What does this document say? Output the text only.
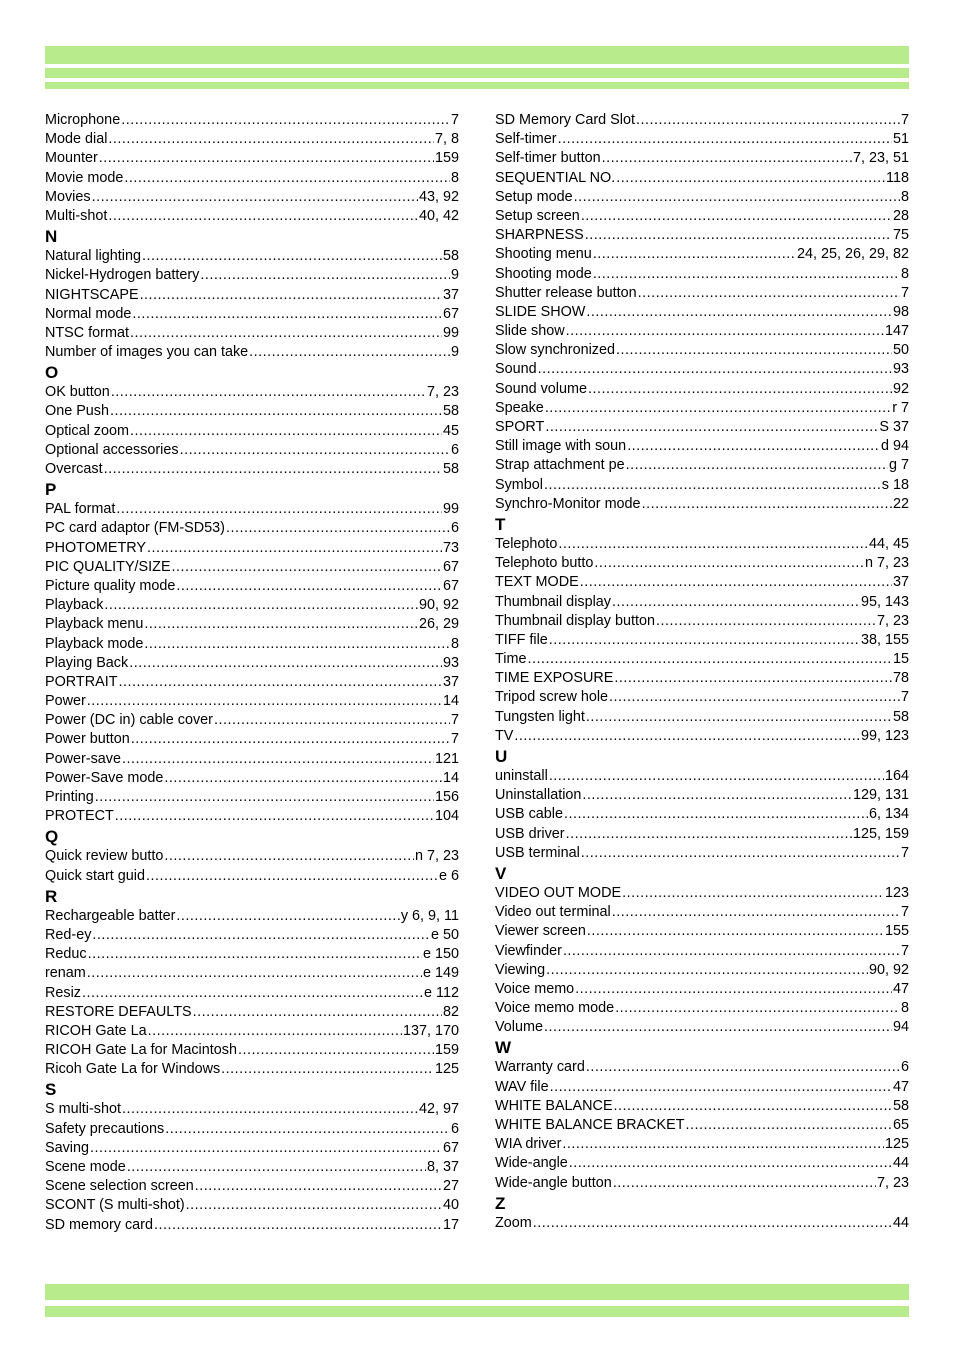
Microphone .....	7
Mode dial .....	7, 8
Mounter .....	159
Movie mode .....	8
Movies .....	43, 92
Multi-shot .....	40, 42
N
Natural lighting .....	58
Nickel-Hydrogen battery .....	9
NIGHTSCAPE .....	37
Normal mode .....	67
NTSC format .....	99
Number of images you can take .....	9
O
OK button .....	7, 23
One Push .....	58
Optical zoom .....	45
Optional accessories .....	6
Overcast .....	58
P
PAL format .....	99
PC card adaptor (FM-SD53) .....	6
PHOTOMETRY .....	73
PIC QUALITY/SIZE .....	67
Picture quality mode .....	67
Playback .....	90, 92
Playback menu .....	26, 29
Playback mode .....	8
Playing Back .....	93
PORTRAIT .....	37
Power .....	14
Power (DC in) cable cover .....	7
Power button .....	7
Power-save .....	121
Power-Save mode .....	14
Printing .....	156
PROTECT .....	104
Q
Quick review butto .....	n 7, 23
Quick start guid .....	e 6
R
Rechargeable batter .....	y 6, 9, 11
Red-ey .....	e 50
Reduc .....	e 150
renam .....	e 149
Resiz .....	e 112
RESTORE DEFAULTS .....	82
RICOH Gate La .....	137, 170
RICOH Gate La for Macintosh .....	159
Ricoh Gate La for Windows .....	125
S
S multi-shot .....	42, 97
Safety precautions .....	6
Saving .....	67
Scene mode .....	8, 37
Scene selection screen .....	27
SCONT (S multi-shot) .....	40
SD memory card .....	17
SD Memory Card Slot .....	7
Self-timer .....	51
Self-timer button .....	7, 23, 51
SEQUENTIAL NO. .....	118
Setup mode .....	8
Setup screen .....	28
SHARPNESS .....	75
Shooting menu .....	24, 25, 26, 29, 82
Shooting mode .....	8
Shutter release button .....	7
SLIDE SHOW .....	98
Slide show .....	147
Slow synchronized .....	50
Sound .....	93
Sound volume .....	92
Speake .....	r 7
SPORT .....	S 37
Still image with soun .....	d 94
Strap attachment pe .....	g 7
Symbol .....	s 18
Synchro-Monitor mode .....	22
T
Telephoto .....	44, 45
Telephoto butto .....	n 7, 23
TEXT MODE .....	37
Thumbnail display .....	95, 143
Thumbnail display button .....	7, 23
TIFF file .....	38, 155
Time .....	15
TIME EXPOSURE .....	78
Tripod screw hole .....	7
Tungsten light .....	58
TV .....	99, 123
U
uninstall .....	164
Uninstallation .....	129, 131
USB cable .....	6, 134
USB driver .....	125, 159
USB terminal .....	7
V
VIDEO OUT MODE .....	123
Video out terminal .....	7
Viewer screen .....	155
Viewfinder .....	7
Viewing .....	90, 92
Voice memo .....	47
Voice memo mode .....	8
Volume .....	94
W
Warranty card .....	6
WAV file .....	47
WHITE BALANCE .....	58
WHITE BALANCE BRACKET .....	65
WIA driver .....	125
Wide-angle .....	44
Wide-angle button .....	7, 23
Z
Zoom .....	44
